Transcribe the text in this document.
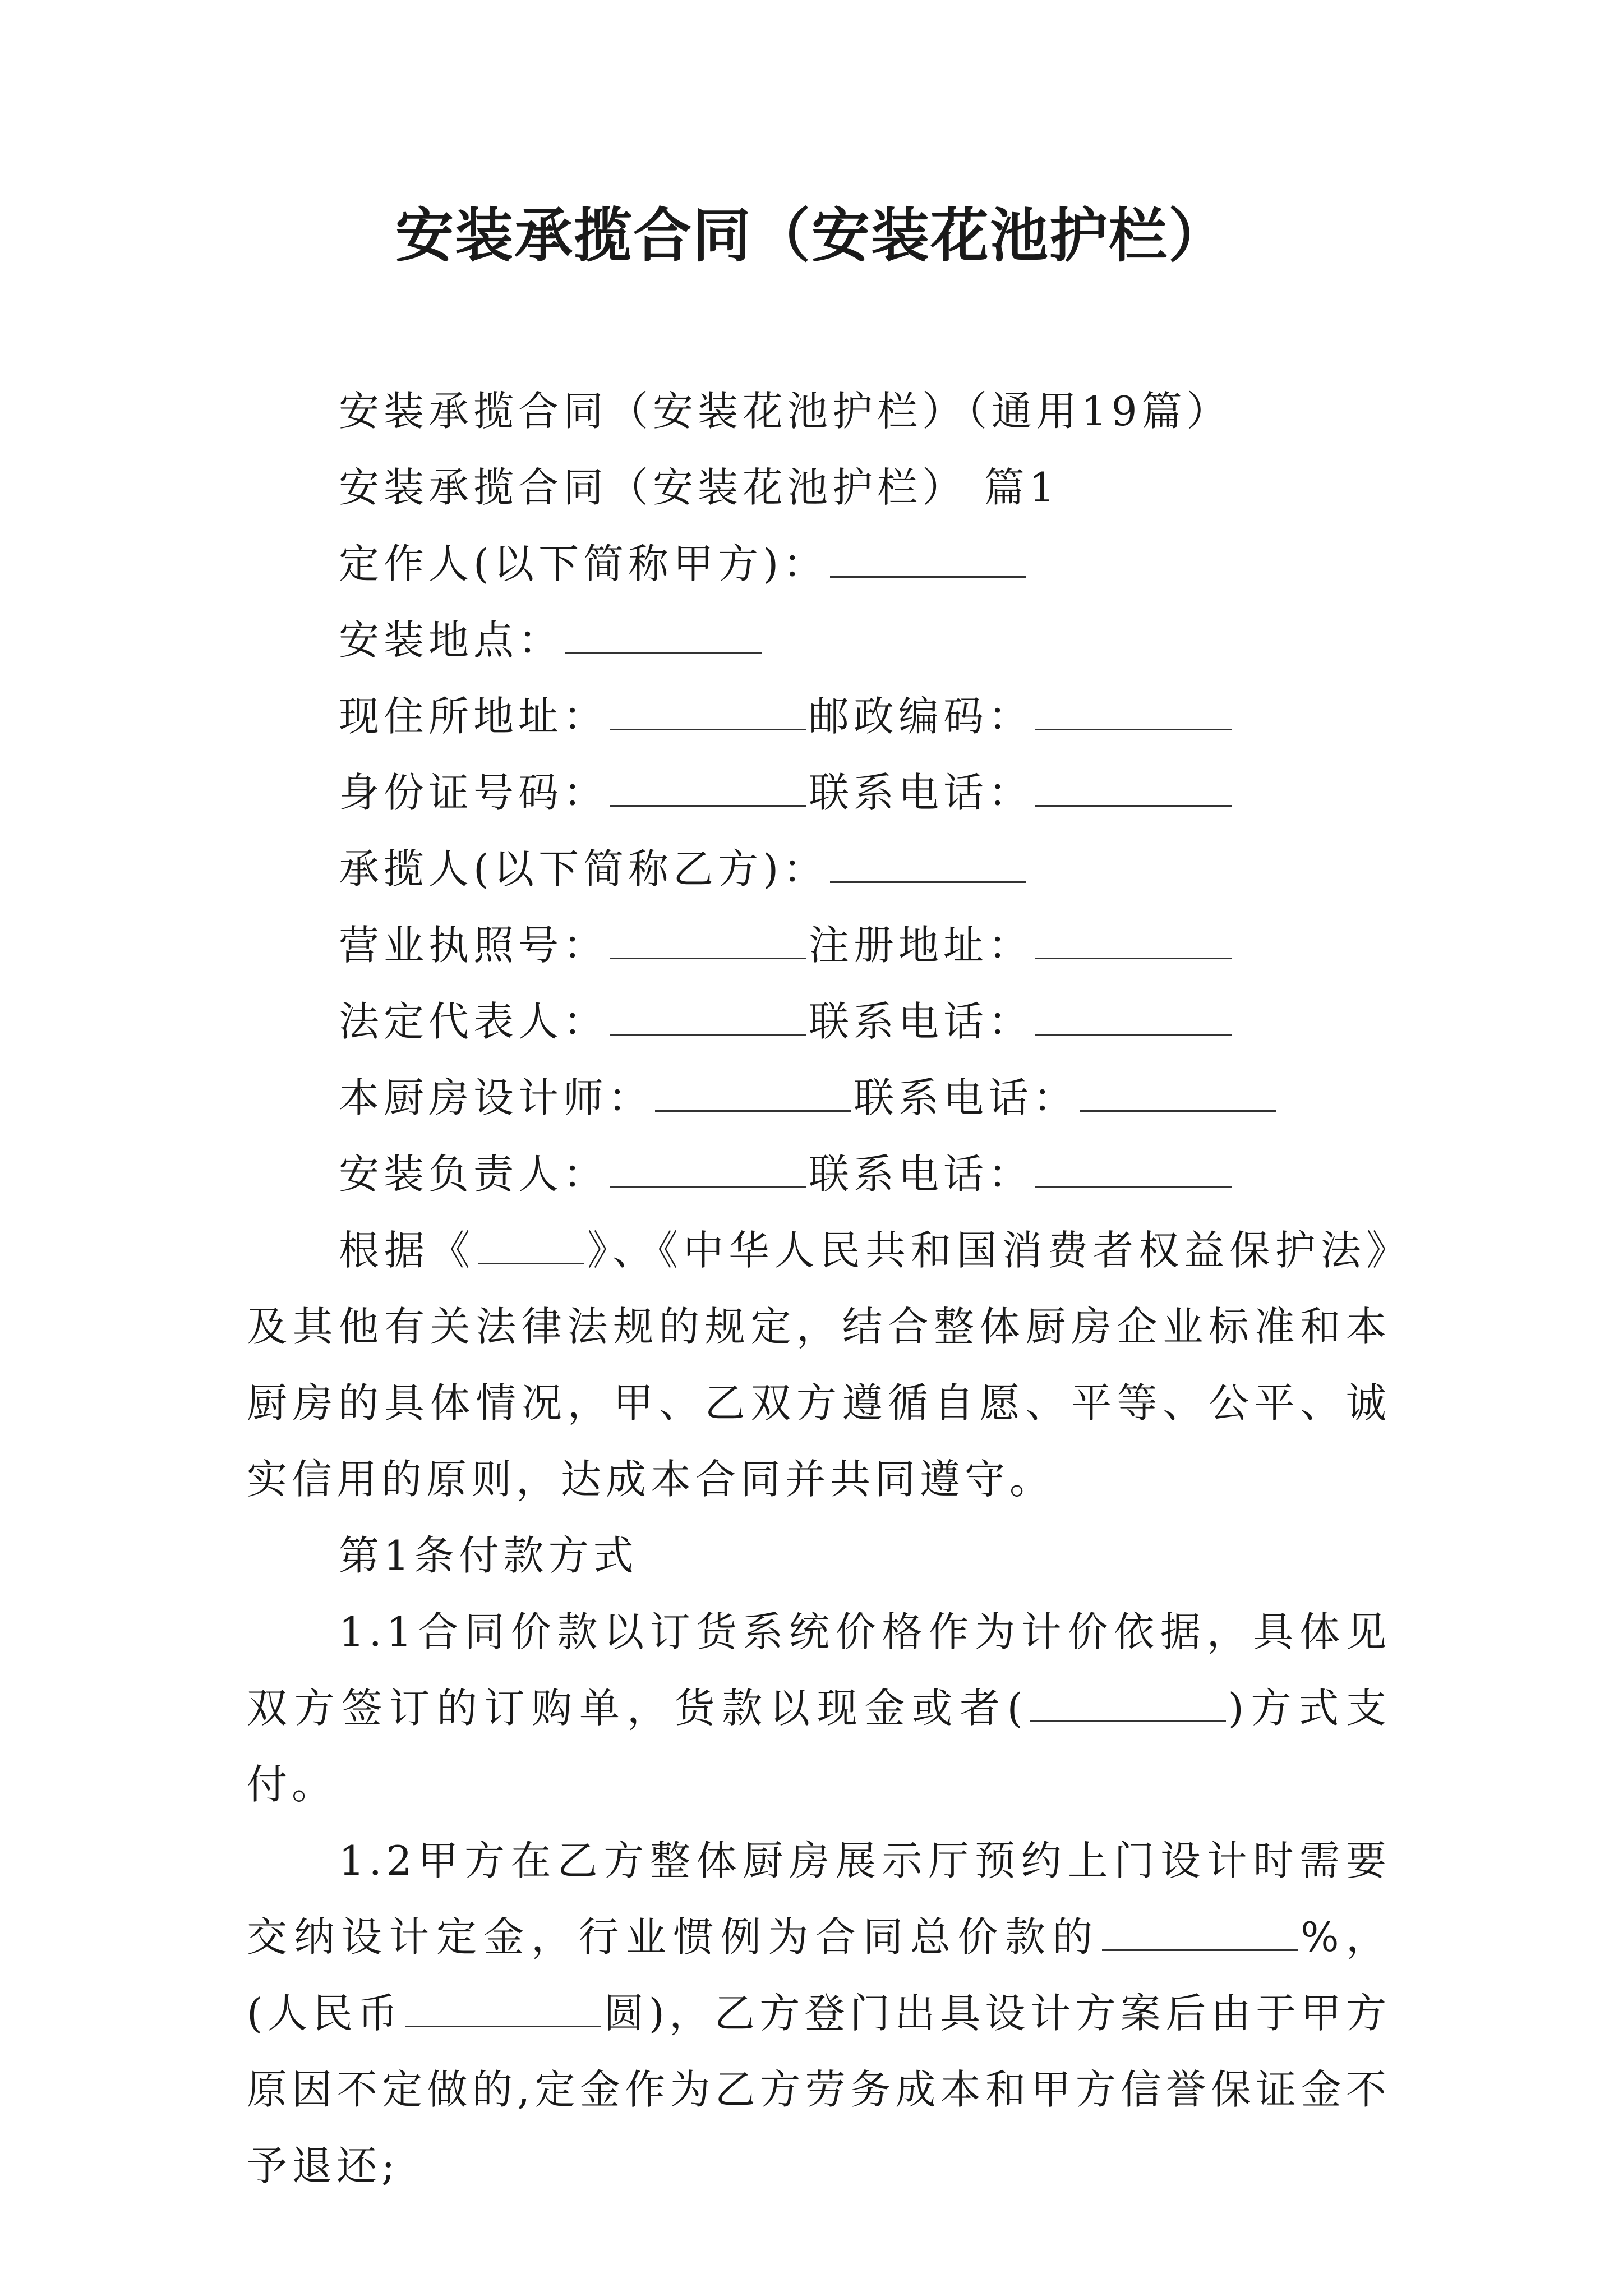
安装承揽合同（安装花池护栏）
安装承揽合同（安装花池护栏）（通用19篇）
安装承揽合同（安装花池护栏） 篇1
定作人(以下简称甲方)：
安装地点：
现住所地址：	邮政编码：
身份证号码：	联系电话：
承揽人(以下简称乙方)：
营业执照号：	注册地址：
法定代表人：	联系电话：
本厨房设计师：	联系电话：
安装负责人：	联系电话：
根据《	》、《中华人民共和国消费者权益保护法》及其他有关法律法规的规定，结合整体厨房企业标准和本厨房的具体情况，甲、乙双方遵循自愿、平等、公平、诚实信用的原则，达成本合同并共同遵守。
第1条付款方式
1.1合同价款以订货系统价格作为计价依据，具体见双方签订的订购单，货款以现金或者(	)方式支付。
1.2甲方在乙方整体厨房展示厅预约上门设计时需要交纳设计定金，行业惯例为合同总价款的	%，(人民币	圆)，乙方登门出具设计方案后由于甲方原因不定做的,定金作为乙方劳务成本和甲方信誉保证金不予退还;
